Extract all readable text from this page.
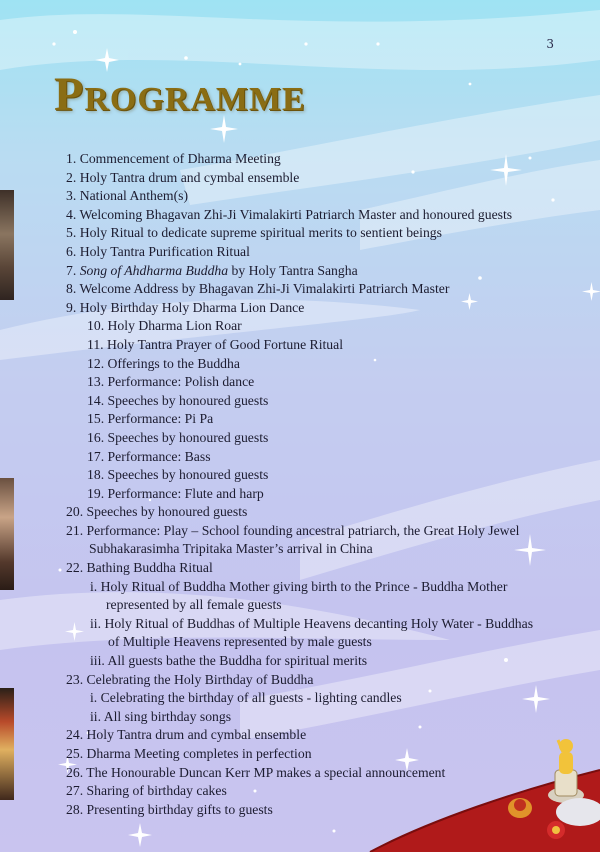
3
Programme
1. Commencement of Dharma Meeting
2. Holy Tantra drum and cymbal ensemble
3. National Anthem(s)
4. Welcoming Bhagavan Zhi-Ji Vimalakirti Patriarch Master and honoured guests
5. Holy Ritual to dedicate supreme spiritual merits to sentient beings
6. Holy Tantra Purification Ritual
7. Song of Ahdharma Buddha by Holy Tantra Sangha
8. Welcome Address by Bhagavan Zhi-Ji Vimalakirti Patriarch Master
9. Holy Birthday Holy Dharma Lion Dance
10. Holy Dharma Lion Roar
11. Holy Tantra Prayer of Good Fortune Ritual
12. Offerings to the Buddha
13. Performance: Polish dance
14. Speeches by honoured guests
15. Performance: Pi Pa
16. Speeches by honoured guests
17. Performance: Bass
18. Speeches by honoured guests
19. Performance: Flute and harp
20. Speeches by honoured guests
21. Performance: Play – School founding ancestral patriarch, the Great Holy Jewel
Subhakarasimha Tripitaka Master’s arrival in China
22. Bathing Buddha Ritual
i. Holy Ritual of Buddha Mother giving birth to the Prince - Buddha Mother
represented by all female guests
ii. Holy Ritual of Buddhas of Multiple Heavens decanting Holy Water - Buddhas
of Multiple Heavens represented by male guests
iii. All guests bathe the Buddha for spiritual merits
23. Celebrating the Holy Birthday of Buddha
i. Celebrating the birthday of all guests - lighting candles
ii. All sing birthday songs
24. Holy Tantra drum and cymbal ensemble
25. Dharma Meeting completes in perfection
26. The Honourable Duncan Kerr MP makes a special announcement
27. Sharing of birthday cakes
28. Presenting birthday gifts to guests
